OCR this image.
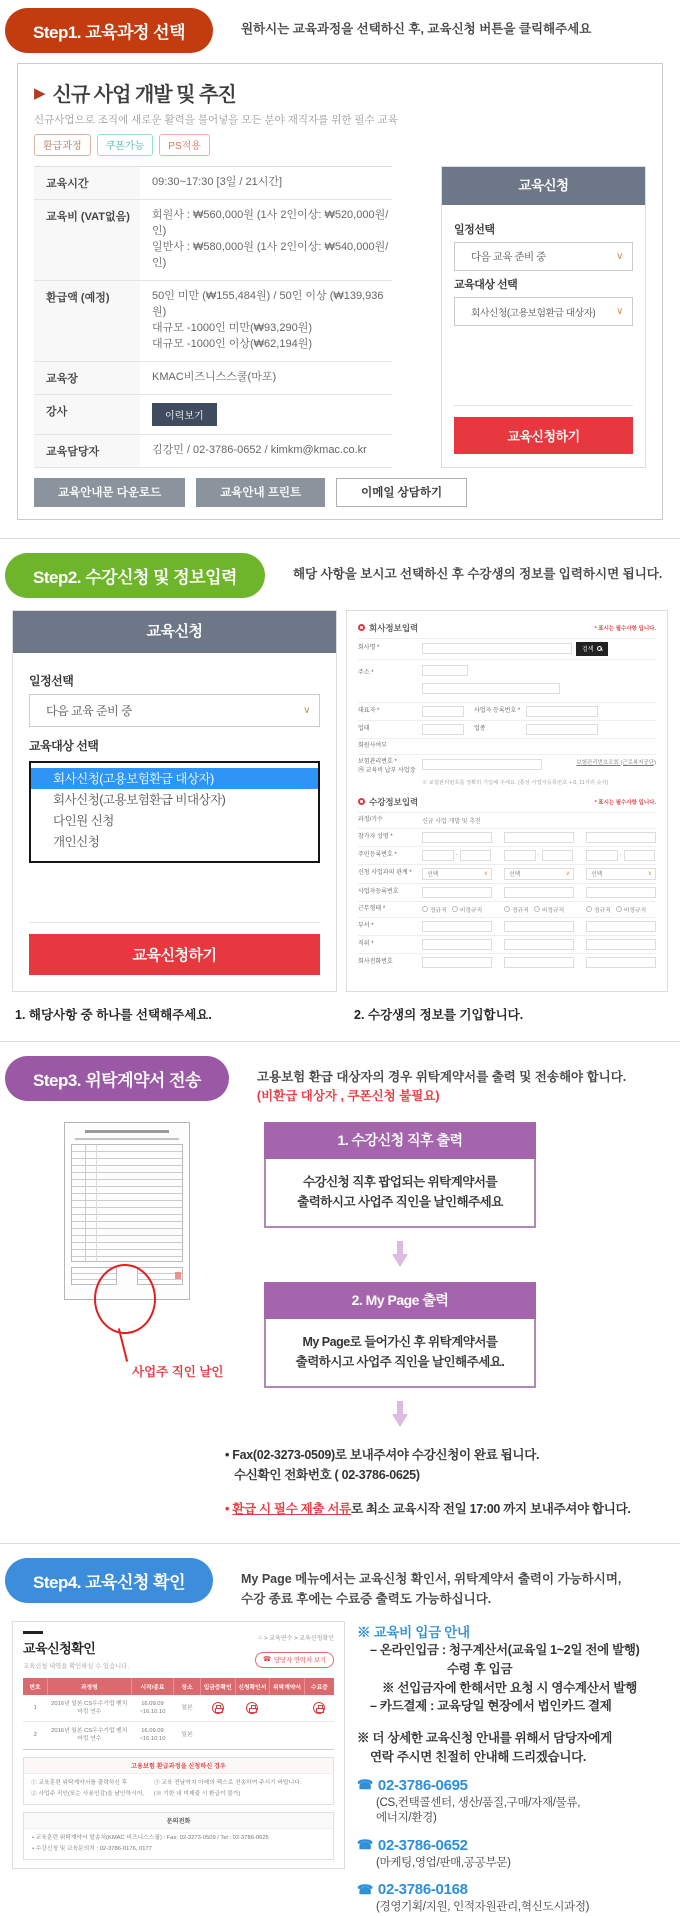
Step1. 교육과정 선택	원하시는 교육과정을 선택하신 후, 교육신청 버튼을 클릭해주세요
▶ 신규 사업 개발 및 추진
신규사업으로 조직에 새로운 활력을 불어넣을 모든 분야 재직자를 위한 필수 교육
환급과정	쿠폰가능	PS적용
교육시간	09:30~17:30 [3일 / 21시간]
교육비 (VAT없음)	회원사 : ₩560,000원 (1사 2인이상: ₩520,000원/인)
일반사 : ₩580,000원 (1사 2인이상: ₩540,000원/인)
환급액 (예정)	50인 미만 (₩155,484원) / 50인 이상 (₩139,936원)
대규모 -1000인 미만(₩93,290원)
대규모 -1000인 이상(₩62,194원)
교육장	KMAC비즈니스스쿨(마포)
강사	이력보기
교육담당자	김강민 / 02-3786-0652 / kimkm@kmac.co.kr
교육신청
일정선택
다음 교육 준비 중	∨
교육대상 선택
회사신청(고용보험환급 대상자) ∨
교육신청하기
교육안내문 다운로드	교육안내 프린트	이메일 상담하기
Step2. 수강신청 및 정보입력	해당 사항을 보시고 선택하신 후 수강생의 정보를 입력하시면 됩니다.
교육신청
일정선택
다음 교육 준비 중	∨
교육대상 선택
회사신청(고용보험환급 대상자)
회사신청(고용보험환급 비대상자)
다인원 신청
개인신청
교육신청하기
1. 해당사항 중 하나를 선택해주세요.
회사정보입력	* 표시는 필수사항 입니다.
회사명 *	검색
주소 *

대표자 *	사업자 등록번호 *
업태	업종
회원사여부
보험관리번호 *
㉮ 교육비 납부 사업장
보험관리번호조회 (근로복지공단)
※ 보험관리번호를 정확히 기입해 주세요. (통상 사업자등록번호 + 0, 11자리 숫자)
수강정보입력	* 표시는 필수사항 입니다.
과정/기수	신규 사업 개발 및 추진
참가자 성명 *
주민등록번호 *	-	-	-
신청 사업과의 관계 *	선택	∨	선택	∨	선택	∨
사업자등록번호
근무형태 *	정규직 비정규직	정규직 비정규직	정규직 비정규직
부서 *
직위 *
회사전화번호
2. 수강생의 정보를 기입합니다.
Step3. 위탁계약서 전송	고용보험 환급 대상자의 경우 위탁계약서를 출력 및 전송해야 합니다.
(비환급 대상자 , 쿠폰신청 불필요)
사업주 직인 날인
1. 수강신청 직후 출력
수강신청 직후 팝업되는 위탁계약서를
출력하시고 사업주 직인을 날인해주세요
2. My Page 출력
My Page로 들어가신 후 위탁계약서를
출력하시고 사업주 직인을 날인해주세요.
• Fax(02-3273-0509)로 보내주셔야 수강신청이 완료 됩니다.
수신확인 전화번호 ( 02-3786-0625)
• 환급 시 필수 제출 서류로 최소 교육시작 전일 17:00 까지 보내주셔야 합니다.
Step4. 교육신청 확인	My Page 메뉴에서는 교육신청 확인서, 위탁계약서 출력이 가능하시며,
수강 종료 후에는 수료증 출력도 가능하십니다.
교육신청확인
⌂ > 교육연수 > 교육신청확인
교육신청 내역을 확인하실 수 있습니다.
☎ 담당자 연락처 보기
번호	과정명	시작/종료	장소	입금증확인	신청확인서	위탁계약서	수료증
1	2016년 일본 CS우수기업 벤치마킹 연수	16.09.09 ~16.10.10	일본				
2	2016년 일본 CS우수기업 벤치마킹 연수	16.09.09 ~16.10.10	일본				
고용보험 환급과정을 신청하신 경우
① 교육훈련 위탁계약서를 출력하신 후
② 사업주 직인(또는 사용인감)을 날인하시어,
③ 교육 전날까지 아래의 팩스로 전송하여 주시기 바랍니다.
(※ 기한 내 미제출 시 환급이 불가)
문의전화
• 교육훈련 위탁계약서 발송처(KMAC 비즈니스스쿨) : Fax: 02-3273-0509 / Tel : 02-3786-0625
• 수강신청 및 교육문의처 : 02-3786-0176, 0177
※ 교육비 입금 안내
– 온라인입금 : 청구계산서(교육일 1~2일 전에 발행)
수령 후 입금
※ 선입금자에 한해서만 요청 시 영수계산서 발행
– 카드결제 : 교육당일 현장에서 법인카드 결제
※ 더 상세한 교육신청 안내를 위해서 담당자에게
연락 주시면 친절히 안내해 드리겠습니다.
☎ 02-3786-0695
(CS,컨택콜센터, 생산/품질,구매/자재/물류,
에너지/환경)
☎ 02-3786-0652
(마케팅,영업/판매,공공부문)
☎ 02-3786-0168
(경영기획/지원, 인적자원관리,혁신도시과정)
